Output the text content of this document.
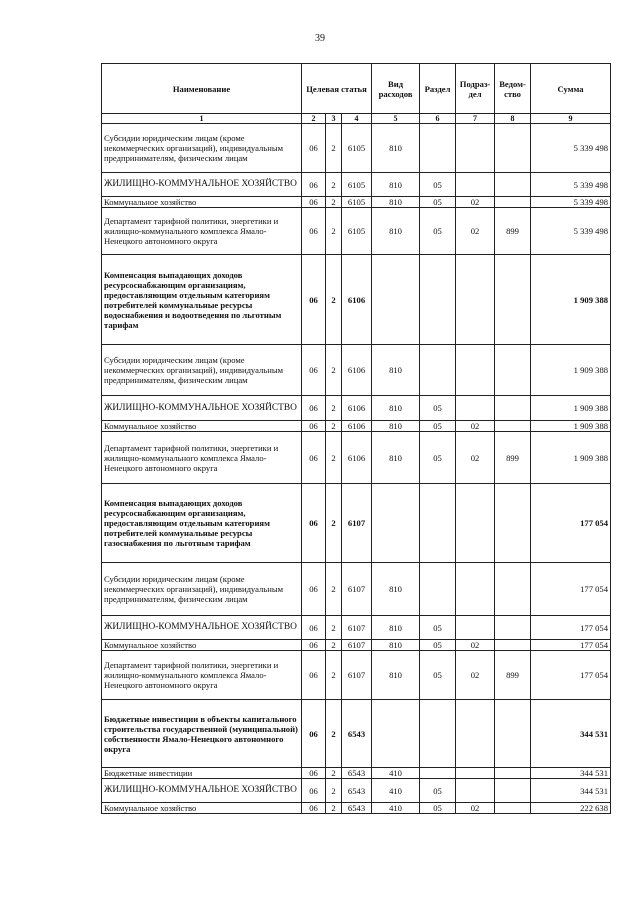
39
Наименование	Целевая статья			Вид расходов	Раздел	Подраз-дел	Ведом-ство	Сумма
1	2	3	4	5	6	7	8	9
Субсидии юридическим лицам (кроме некоммерческих организаций), индивидуальным предпринимателям, физическим лицам	06	2	6105	810				5 339 498
ЖИЛИЩНО-КОММУНАЛЬНОЕ ХОЗЯЙСТВО	06	2	6105	810	05			5 339 498
Коммунальное хозяйство	06	2	6105	810	05	02		5 339 498
Департамент тарифной политики, энергетики и жилищно-коммунального комплекса Ямало-Ненецкого автономного округа	06	2	6105	810	05	02	899	5 339 498
Компенсация выпадающих доходов ресурсоснабжающим организациям, предоставляющим отдельным категориям потребителей коммунальные ресурсы водоснабжения и водоотведения по льготным тарифам	06	2	6106					1 909 388
Субсидии юридическим лицам (кроме некоммерческих организаций), индивидуальным предпринимателям, физическим лицам	06	2	6106	810				1 909 388
ЖИЛИЩНО-КОММУНАЛЬНОЕ ХОЗЯЙСТВО	06	2	6106	810	05			1 909 388
Коммунальное хозяйство	06	2	6106	810	05	02		1 909 388
Департамент тарифной политики, энергетики и жилищно-коммунального комплекса Ямало-Ненецкого автономного округа	06	2	6106	810	05	02	899	1 909 388
Компенсация выпадающих доходов ресурсоснабжающим организациям, предоставляющим отдельным категориям потребителей коммунальные ресурсы газоснабжения по льготным тарифам	06	2	6107					177 054
Субсидии юридическим лицам (кроме некоммерческих организаций), индивидуальным предпринимателям, физическим лицам	06	2	6107	810				177 054
ЖИЛИЩНО-КОММУНАЛЬНОЕ ХОЗЯЙСТВО	06	2	6107	810	05			177 054
Коммунальное хозяйство	06	2	6107	810	05	02		177 054
Департамент тарифной политики, энергетики и жилищно-коммунального комплекса Ямало-Ненецкого автономного округа	06	2	6107	810	05	02	899	177 054
Бюджетные инвестиции в объекты капитального строительства государственной (муниципальной) собственности Ямало-Ненецкого автономного округа	06	2	6543					344 531
Бюджетные инвестиции	06	2	6543	410				344 531
ЖИЛИЩНО-КОММУНАЛЬНОЕ ХОЗЯЙСТВО	06	2	6543	410	05			344 531
Коммунальное хозяйство	06	2	6543	410	05	02		222 638
